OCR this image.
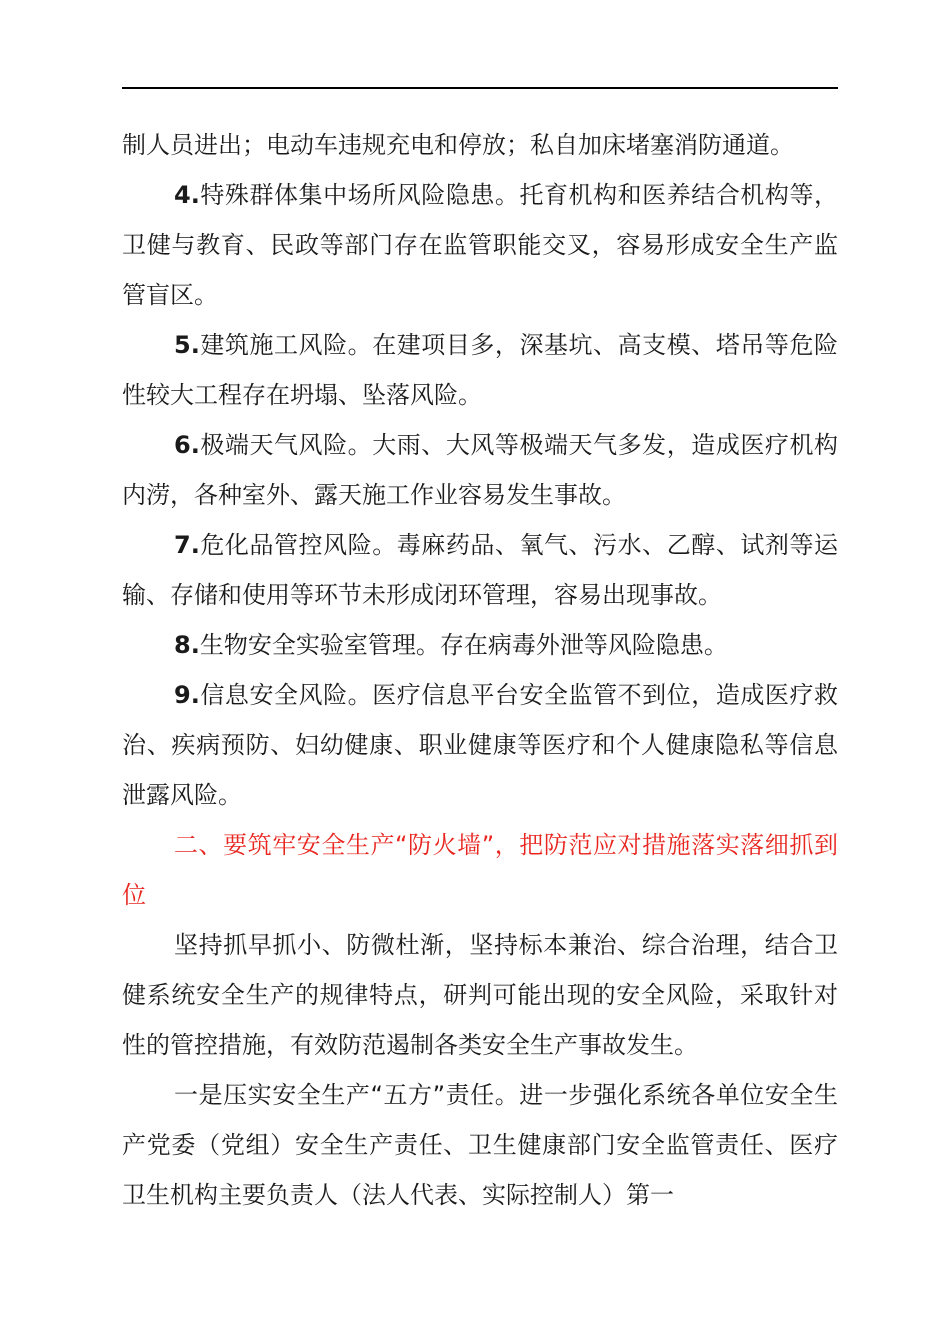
制人员进出；电动车违规充电和停放；私自加床堵塞消防通道。

4.特殊群体集中场所风险隐患。托育机构和医养结合机构等，卫健与教育、民政等部门存在监管职能交叉，容易形成安全生产监管盲区。

5.建筑施工风险。在建项目多，深基坑、高支模、塔吊等危险性较大工程存在坍塌、坠落风险。

6.极端天气风险。大雨、大风等极端天气多发，造成医疗机构内涝，各种室外、露天施工作业容易发生事故。

7.危化品管控风险。毒麻药品、氧气、污水、乙醇、试剂等运输、存储和使用等环节未形成闭环管理，容易出现事故。

8.生物安全实验室管理。存在病毒外泄等风险隐患。

9.信息安全风险。医疗信息平台安全监管不到位，造成医疗救治、疾病预防、妇幼健康、职业健康等医疗和个人健康隐私等信息泄露风险。

二、要筑牢安全生产“防火墙”，把防范应对措施落实落细抓到位

坚持抓早抓小、防微杜渐，坚持标本兼治、综合治理，结合卫健系统安全生产的规律特点，研判可能出现的安全风险，采取针对性的管控措施，有效防范遏制各类安全生产事故发生。

一是压实安全生产“五方”责任。进一步强化系统各单位安全生产党委（党组）安全生产责任、卫生健康部门安全监管责任、医疗卫生机构主要负责人（法人代表、实际控制人）第一
